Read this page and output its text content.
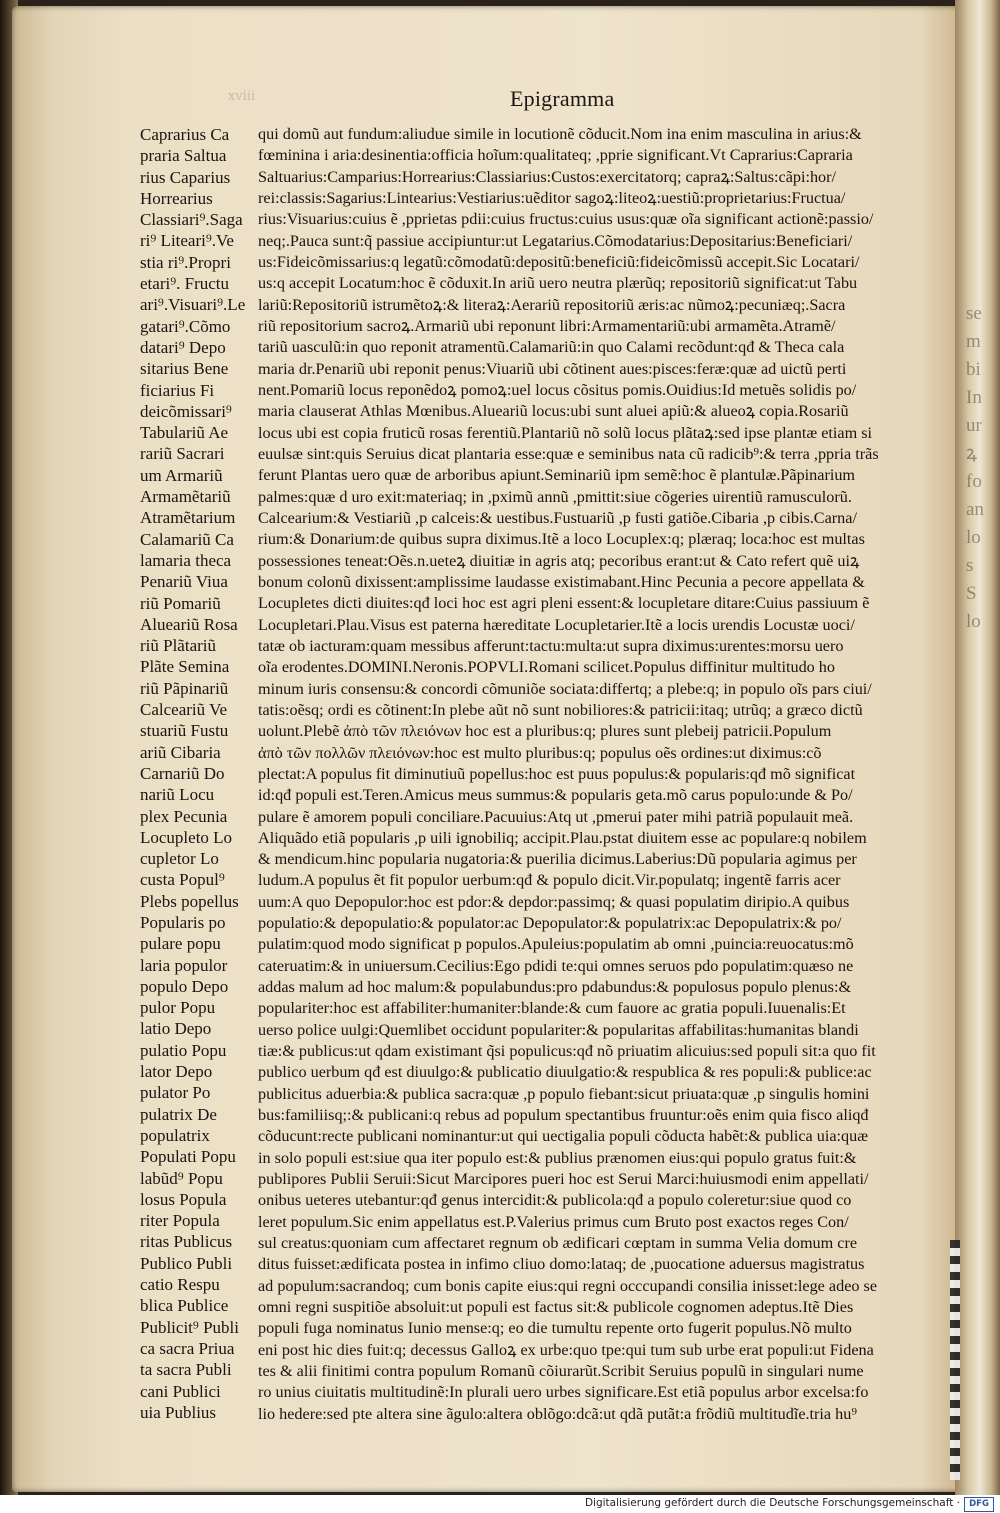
se
m
bi
In
ur
ꝝ
fo
an
lo
s
S
lo
xviii	Epigramma
Caprarius Ca
praria Saltua
rius Caparius
Horrearius
Classiari⁹.Saga
ri⁹ Liteari⁹.Ve
stia ri⁹.Propri
etari⁹. Fructu
ari⁹.Visuari⁹.Le
gatari⁹.Cõmo
datari⁹ Depo
sitarius Bene
ficiarius Fi
deicõmissari⁹
Tabulariũ Ae
rariũ Sacrari
um Armariũ
Armamẽtariũ
Atramẽtarium
Calamariũ Ca
lamaria theca
Penariũ Viua
riũ Pomariũ
Alueariũ Rosa
riũ Plãtariũ
Plãte Semina
riũ Pãpinariũ
Calceariũ Ve
stuariũ Fustu
ariũ Cibaria
Carnariũ Do
nariũ Locu
plex Pecunia
Locupleto Lo
cupletor Lo
custa Popul⁹
Plebs popellus
Popularis po
pulare popu
laria populor
populo Depo
pulor Popu
latio Depo
pulatio Popu
lator Depo
pulator Po
pulatrix De
populatrix
Populati Popu
labũd⁹ Popu
losus Popula
riter Popula
ritas Publicus
Publico Publi
catio Respu
blica Publice
Publicit⁹ Publi
ca sacra Priua
ta sacra Publi
cani Publici
uia Publius
qui domũ aut fundum:aliudue simile in locutionẽ cõducit.Nom ina enim masculina in arius:&
fœminina i aria:desinentia:officia hoĩum:qualitateq; ,pprie significant.Vt Caprarius:Capraria
Saltuarius:Camparius:Horrearius:Classiarius:Custos:exercitatorq; capraꝝ:Saltus:cãpi:hor/
rei:classis:Sagarius:Lintearius:Vestiarius:uẽditor sagoꝝ:liteoꝝ:uestiũ:proprietarius:Fructua/
rius:Visuarius:cuius ẽ ,pprietas pdii:cuius fructus:cuius usus:quæ oĩa significant actionẽ:passio/
neq;.Pauca sunt:q̃ passiue accipiuntur:ut Legatarius.Cõmodatarius:Depositarius:Beneficiari/
us:Fideicõmissarius:q legatũ:cõmodatũ:depositũ:beneficiũ:fideicõmissũ accepit.Sic Locatari/
us:q accepit Locatum:hoc ẽ cõduxit.In ariũ uero neutra plærũq; repositoriũ significat:ut Tabu
lariũ:Repositoriũ istrumẽtoꝝ:& literaꝝ:Aerariũ repositoriũ æris:ac nũmoꝝ:pecuniæq;.Sacra
riũ repositorium sacroꝝ.Armariũ ubi reponunt libri:Armamentariũ:ubi armamẽta.Atramẽ/
tariũ uasculũ:in quo reponit atramentũ.Calamariũ:in quo Calami recõdunt:qđ & Theca cala
maria dr.Penariũ ubi reponit penus:Viuariũ ubi cõtinent aues:pisces:feræ:quæ ad uictũ perti
nent.Pomariũ locus reponẽdoꝝ pomoꝝ:uel locus cõsitus pomis.Ouidius:Id metuẽs solidis po/
maria clauserat Athlas Mœnibus.Alueariũ locus:ubi sunt aluei apiũ:& alueoꝝ copia.Rosariũ
locus ubi est copia fruticũ rosas ferentiũ.Plantariũ nõ solũ locus plãtaꝝ:sed ipse plantæ etiam si
euulsæ sint:quis Seruius dicat plantaria esse:quæ e seminibus nata cũ radicib⁹:& terra ,ppria trãs
ferunt Plantas uero quæ de arboribus apiunt.Seminariũ ipm semẽ:hoc ẽ plantulæ.Pãpinarium
palmes:quæ d uro exit:materiaq; in ,pximũ annũ ,pmittit:siue cõgeries uirentiũ ramusculorũ.
Calcearium:& Vestiariũ ,p calceis:& uestibus.Fustuariũ ,p fusti gatiõe.Cibaria ,p cibis.Carna/
rium:& Donarium:de quibus supra diximus.Itẽ a loco Locuplex:q; plæraq; loca:hoc est multas
possessiones teneat:Oẽs.n.ueteꝝ diuitiæ in agris atq; pecoribus erant:ut & Cato refert quẽ uiꝝ
bonum colonũ dixissent:amplissime laudasse existimabant.Hinc Pecunia a pecore appellata &
Locupletes dicti diuites:qđ loci hoc est agri pleni essent:& locupletare ditare:Cuius passiuum ẽ
Locupletari.Plau.Visus est paterna hæreditate Locupletarier.Itẽ a locis urendis Locustæ uoci/
tatæ ob iacturam:quam messibus afferunt:tactu:multa:ut supra diximus:urentes:morsu uero
oĩa erodentes.DOMINI.Neronis.POPVLI.Romani scilicet.Populus diffinitur multitudo ho
minum iuris consensu:& concordi cõmuniõe sociata:differtq; a plebe:q; in populo oĩs pars ciui/
tatis:oẽsq; ordi es cõtinent:In plebe aũt nõ sunt nobiliores:& patricii:itaq; utrũq; a græco dictũ
uolunt.Plebẽ ἀπὸ τῶν πλειόνων hoc est a pluribus:q; plures sunt plebeij patricii.Populum
ἀπὸ τῶν πολλῶν πλειόνων:hoc est multo pluribus:q; populus oẽs ordines:ut diximus:cõ
plectat:A populus fit diminutiuũ popellus:hoc est puus populus:& popularis:qđ mõ significat
id:qđ populi est.Teren.Amicus meus summus:& popularis geta.mõ carus populo:unde & Po/
pulare ẽ amorem populi conciliare.Pacuuius:Atq ut ,pmerui pater mihi patriã populauit meã.
Aliquãdo etiã popularis ,p uili ignobiliq; accipit.Plau.pstat diuitem esse ac populare:q nobilem
& mendicum.hinc popularia nugatoria:& puerilia dicimus.Laberius:Dũ popularia agimus per
ludum.A populus ẽt fit populor uerbum:qđ & populo dicit.Vir.populatq; ingentẽ farris acer
uum:A quo Depopulor:hoc est pdor:& depdor:passimq; & quasi populatim diripio.A quibus
populatio:& depopulatio:& populator:ac Depopulator:& populatrix:ac Depopulatrix:& po/
pulatim:quod modo significat p populos.Apuleius:populatim ab omni ,puincia:reuocatus:mõ
cateruatim:& in uniuersum.Cecilius:Ego pdidi te:qui omnes seruos pdo populatim:quæso ne
addas malum ad hoc malum:& populabundus:pro pdabundus:& populosus populo plenus:&
populariter:hoc est affabiliter:humaniter:blande:& cum fauore ac gratia populi.Iuuenalis:Et
uerso police uulgi:Quemlibet occidunt populariter:& popularitas affabilitas:humanitas blandi
tiæ:& publicus:ut qdam existimant q̃si populicus:qđ nõ priuatim alicuius:sed populi sit:a quo fit
publico uerbum qđ est diuulgo:& publicatio diuulgatio:& respublica & res populi:& publice:ac
publicitus aduerbia:& publica sacra:quæ ,p populo fiebant:sicut priuata:quæ ,p singulis homini
bus:familiisq;:& publicani:q rebus ad populum spectantibus fruuntur:oẽs enim quia fisco aliqđ
cõducunt:recte publicani nominantur:ut qui uectigalia populi cõducta habẽt:& publica uia:quæ
in solo populi est:siue qua iter populo est:& publius prænomen eius:qui populo gratus fuit:&
publipores Publii Seruii:Sicut Marcipores pueri hoc est Serui Marci:huiusmodi enim appellati/
onibus ueteres utebantur:qđ genus intercidit:& publicola:qđ a populo coleretur:siue quod co
leret populum.Sic enim appellatus est.P.Valerius primus cum Bruto post exactos reges Con/
sul creatus:quoniam cum affectaret regnum ob ædificari cœptam in summa Velia domum cre
ditus fuisset:ædificata postea in infimo cliuo domo:lataq; de ,puocatione aduersus magistratus
ad populum:sacrandoq; cum bonis capite eius:qui regni occcupandi consilia inisset:lege adeo se
omni regni suspitiõe absoluit:ut populi est factus sit:& publicole cognomen adeptus.Itẽ Dies
populi fuga nominatus Iunio mense:q; eo die tumultu repente orto fugerit populus.Nõ multo
eni post hic dies fuit:q; decessus Galloꝝ ex urbe:quo tpe:qui tum sub urbe erat populi:ut Fidena
tes & alii finitimi contra populum Romanũ cõiurarũt.Scribit Seruius populũ in singulari nume
ro unius ciuitatis multitudinẽ:In plurali uero urbes significare.Est etiã populus arbor excelsa:fo
lio hedere:sed pte altera sine ãgulo:altera oblõgo:dcã:ut qdã putãt:a frõdiũ multitudĩe.tria hu⁹
Digitalisierung gefördert durch die Deutsche Forschungsgemeinschaft ·	DFG
